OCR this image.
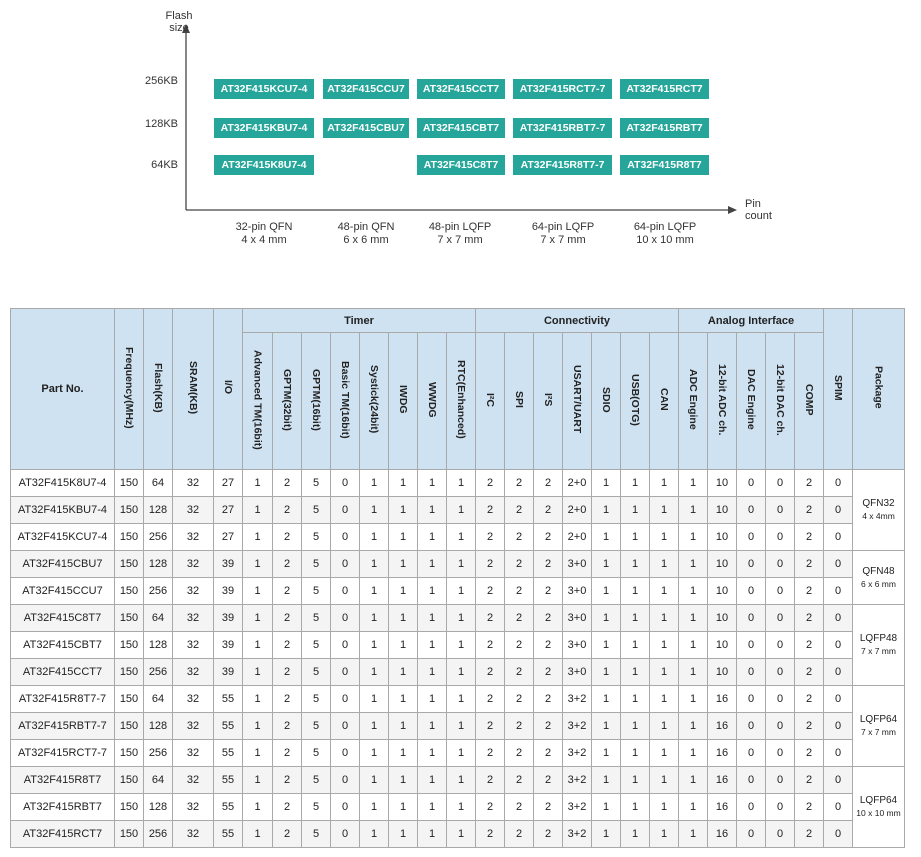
Flash
size
Pin
count
256KB
128KB
64KB
AT32F415KCU7-4	AT32F415CCU7	AT32F415CCT7	AT32F415RCT7-7	AT32F415RCT7
AT32F415KBU7-4	AT32F415CBU7	AT32F415CBT7	AT32F415RBT7-7	AT32F415RBT7
AT32F415K8U7-4	AT32F415C8T7	AT32F415R8T7-7	AT32F415R8T7
32-pin QFN
4 x 4 mm
48-pin QFN
6 x 6 mm
48-pin LQFP
7 x 7 mm
64-pin LQFP
7 x 7 mm
64-pin LQFP
10 x 10 mm
Part No.	Frequency(MHz)	Flash(KB)	SRAM(KB)	I/O	Timer								Connectivity							Analog Interface					SPIM	Package
					Advanced TM(16bit)	GPTM(32bit)	GPTM(16bit)	Basic TM(16bit)	Systick(24bit)	IWDG	WWDG	RTC(Enhanced)	I²C	SPI	I²S	USART/UART	SDIO	USB(OTG)	CAN	ADC Engine	12-bit ADC ch.	DAC Engine	12-bit DAC ch.	COMP		
AT32F415K8U7-4	150	64	32	27	1	2	5	0	1	1	1	1	2	2	2	2+0	1	1	1	1	10	0	0	2	0	QFN32
4 x 4mm

AT32F415KBU7-4	150	128	32	27	1	2	5	0	1	1	1	1	2	2	2	2+0	1	1	1	1	10	0	0	2	0	
AT32F415KCU7-4	150	256	32	27	1	2	5	0	1	1	1	1	2	2	2	2+0	1	1	1	1	10	0	0	2	0	
AT32F415CBU7	150	128	32	39	1	2	5	0	1	1	1	1	2	2	2	3+0	1	1	1	1	10	0	0	2	0	QFN48
6 x 6 mm

AT32F415CCU7	150	256	32	39	1	2	5	0	1	1	1	1	2	2	2	3+0	1	1	1	1	10	0	0	2	0	
AT32F415C8T7	150	64	32	39	1	2	5	0	1	1	1	1	2	2	2	3+0	1	1	1	1	10	0	0	2	0	LQFP48
7 x 7 mm

AT32F415CBT7	150	128	32	39	1	2	5	0	1	1	1	1	2	2	2	3+0	1	1	1	1	10	0	0	2	0	
AT32F415CCT7	150	256	32	39	1	2	5	0	1	1	1	1	2	2	2	3+0	1	1	1	1	10	0	0	2	0	
AT32F415R8T7-7	150	64	32	55	1	2	5	0	1	1	1	1	2	2	2	3+2	1	1	1	1	16	0	0	2	0	LQFP64
7 x 7 mm

AT32F415RBT7-7	150	128	32	55	1	2	5	0	1	1	1	1	2	2	2	3+2	1	1	1	1	16	0	0	2	0	
AT32F415RCT7-7	150	256	32	55	1	2	5	0	1	1	1	1	2	2	2	3+2	1	1	1	1	16	0	0	2	0	
AT32F415R8T7	150	64	32	55	1	2	5	0	1	1	1	1	2	2	2	3+2	1	1	1	1	16	0	0	2	0	LQFP64
10 x 10 mm

AT32F415RBT7	150	128	32	55	1	2	5	0	1	1	1	1	2	2	2	3+2	1	1	1	1	16	0	0	2	0	
AT32F415RCT7	150	256	32	55	1	2	5	0	1	1	1	1	2	2	2	3+2	1	1	1	1	16	0	0	2	0	
